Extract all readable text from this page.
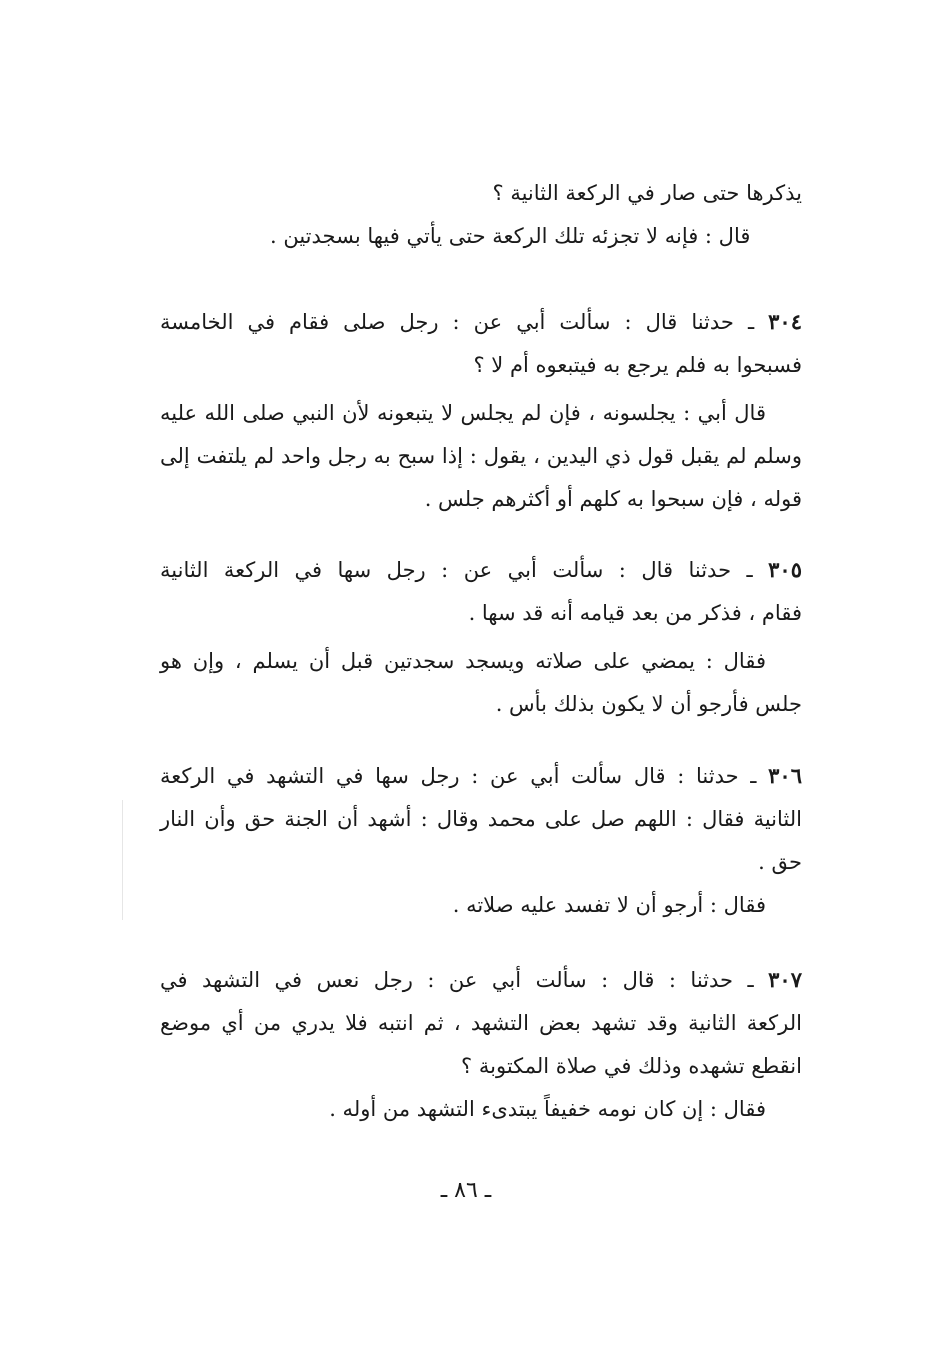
يذكرها حتى صار في الركعة الثانية ؟
قال : فإنه لا تجزئه تلك الركعة حتى يأتي فيها بسجدتين .
٣٠٤ ـ حدثنا قال : سألت أبي عن : رجل صلى فقام في الخامسة
فسبحوا به فلم يرجع به فيتبعوه أم لا ؟
قال أبي : يجلسونه ، فإن لم يجلس لا يتبعونه لأن النبي صلى الله عليه
وسلم لم يقبل قول ذي اليدين ، يقول : إذا سبح به رجل واحد لم يلتفت إلى
قوله ، فإن سبحوا به كلهم أو أكثرهم جلس .
٣٠٥ ـ حدثنا قال : سألت أبي عن : رجل سها في الركعة الثانية
فقام ، فذكر من بعد قيامه أنه قد سها .
فقال : يمضي على صلاته ويسجد سجدتين قبل أن يسلم ، وإن هو
جلس فأرجو أن لا يكون بذلك بأس .
٣٠٦ ـ حدثنا : قال سألت أبي عن : رجل سها في التشهد في الركعة
الثانية فقال : اللهم صل على محمد وقال : أشهد أن الجنة حق وأن النار
حق .
فقال : أرجو أن لا تفسد عليه صلاته .
٣٠٧ ـ حدثنا : قال : سألت أبي عن : رجل نعس في التشهد في
الركعة الثانية وقد تشهد بعض التشهد ، ثم انتبه فلا يدري من أي موضع
انقطع تشهده وذلك في صلاة المكتوبة ؟
فقال : إن كان نومه خفيفاً يبتدىء التشهد من أوله .
ـ ٨٦ ـ
